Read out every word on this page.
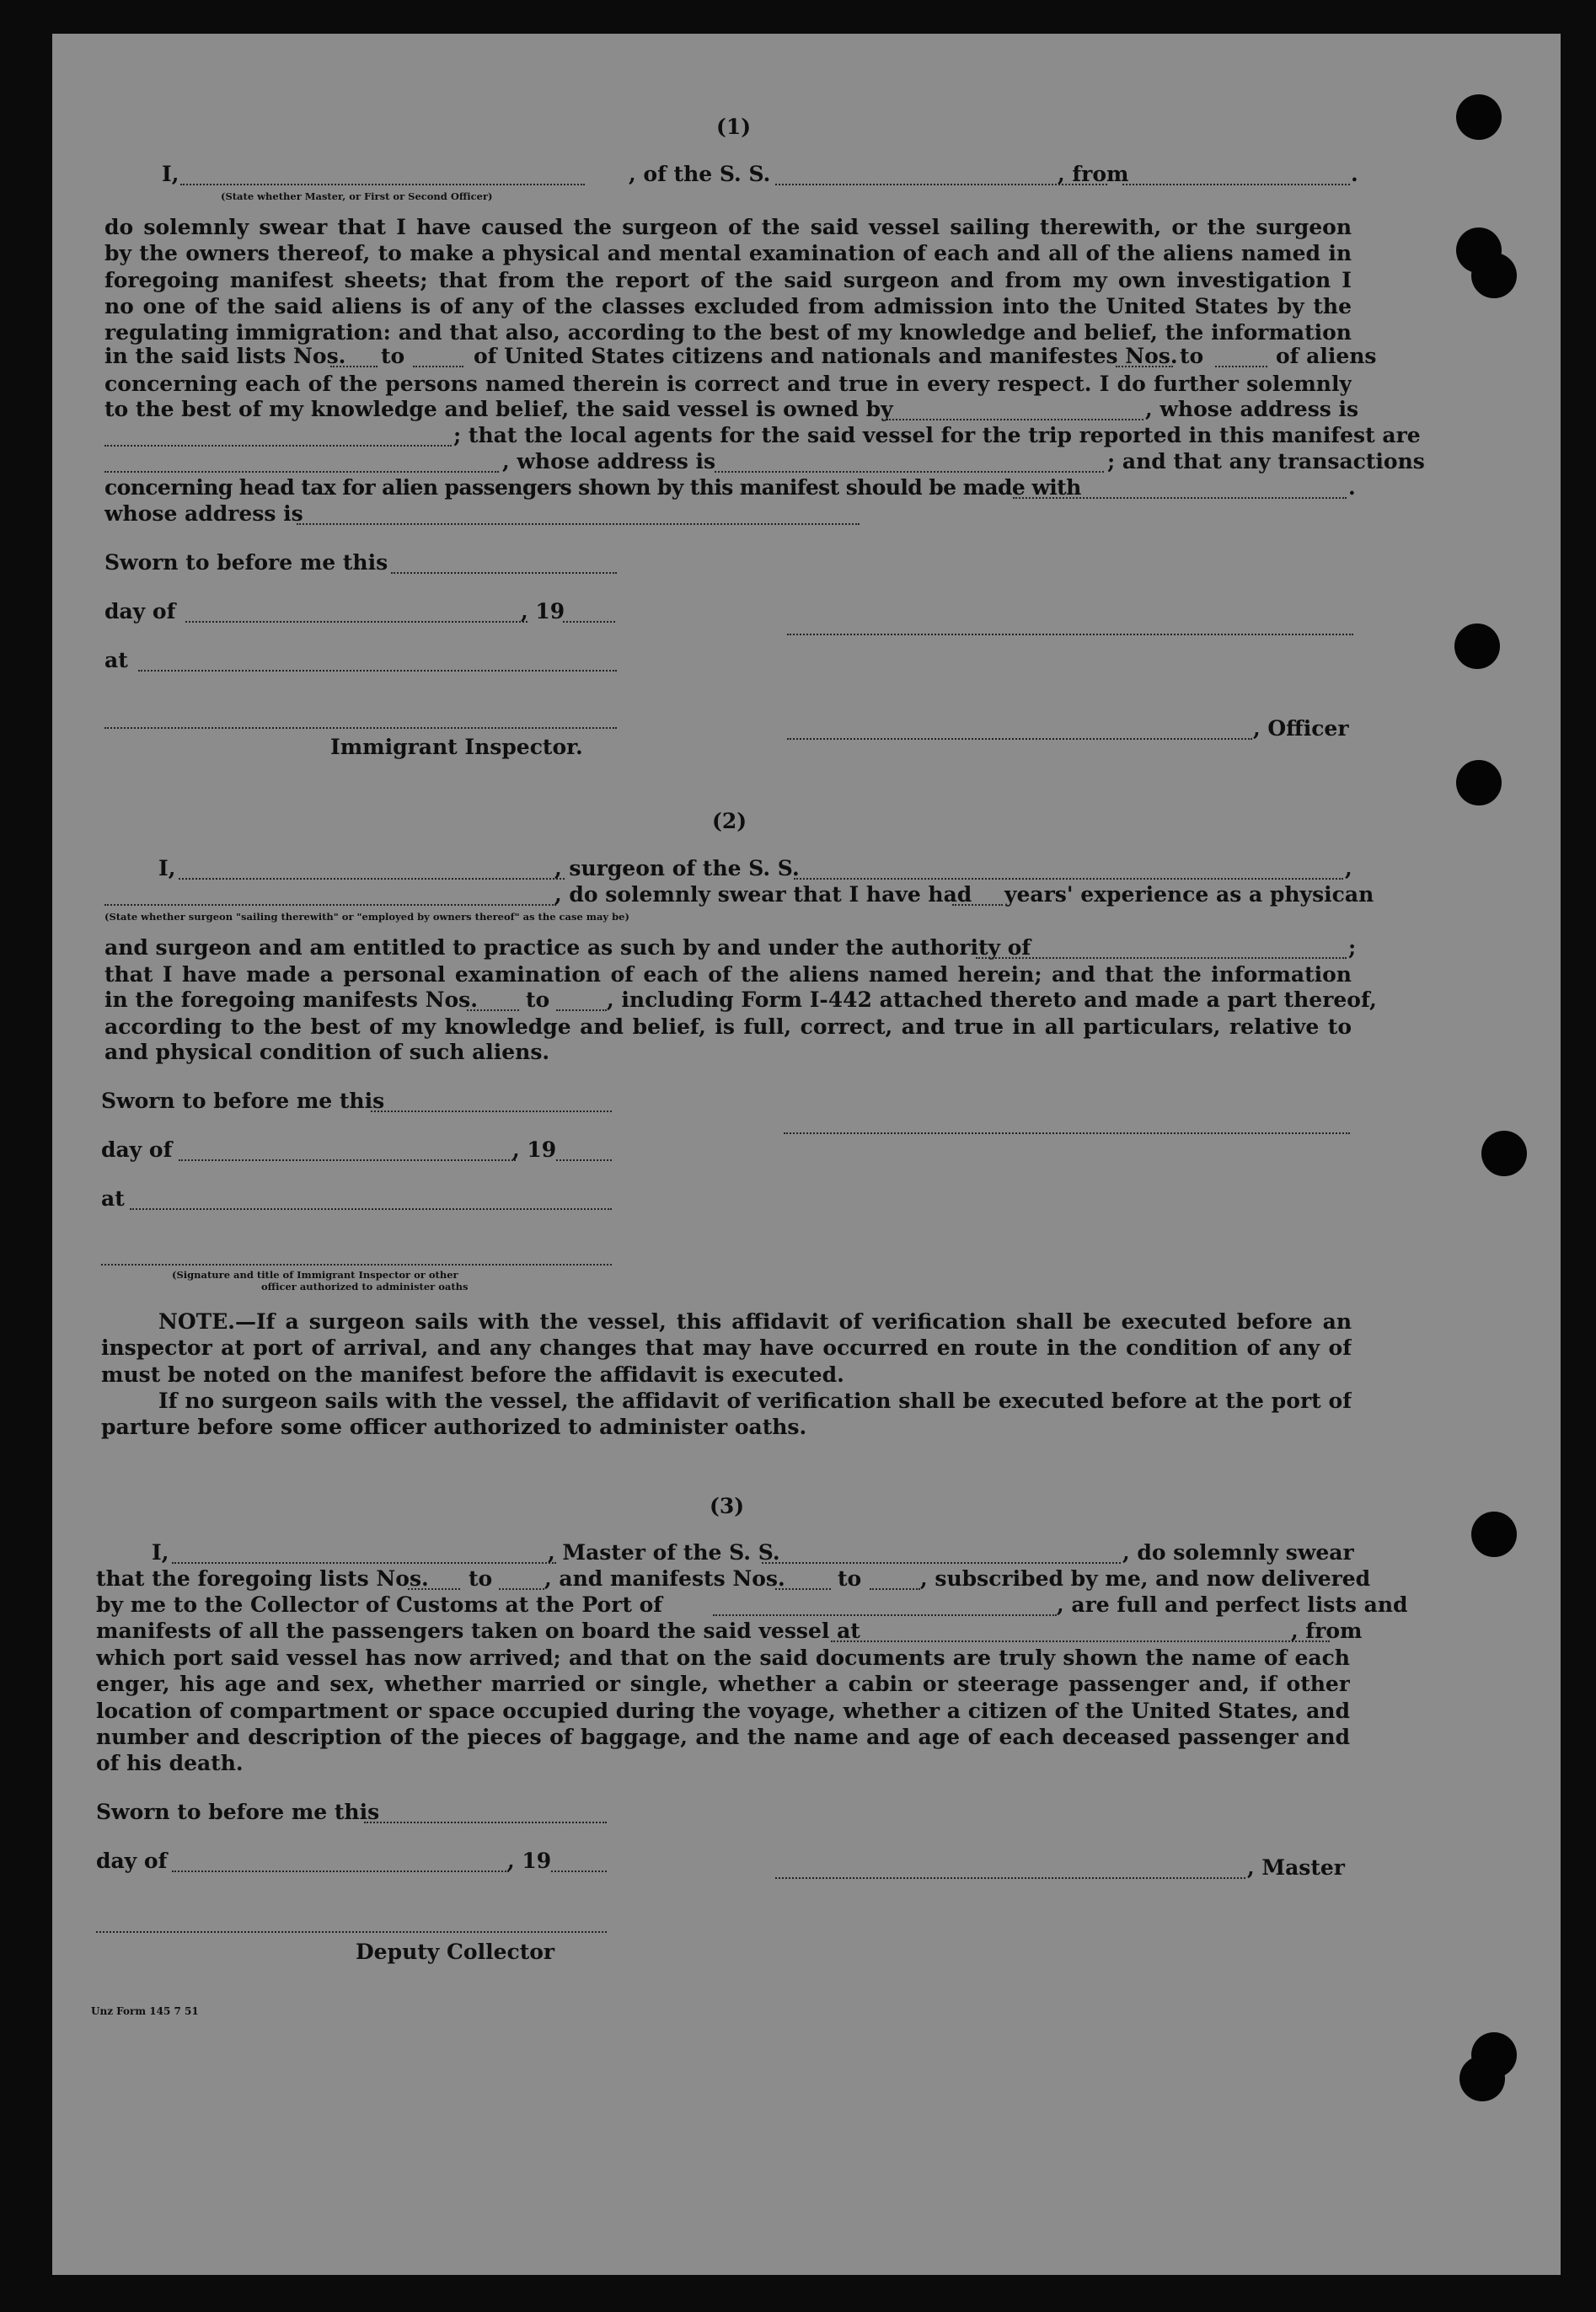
(1)
I,	, of the S. S.	, from	.
(State whether Master, or First or Second Officer)
do solemnly swear that I have caused the surgeon of the said vessel sailing therewith, or the surgeon
by the owners thereof, to make a physical and mental examination of each and all of the aliens named in
foregoing manifest sheets; that from the report of the said surgeon and from my own investigation I
no one of the said aliens is of any of the classes excluded from admission into the United States by the
regulating immigration: and that also, according to the best of my knowledge and belief, the information
in the said lists Nos. to	of United States citizens and nationals and manifestes Nos. to	of aliens
concerning each of the persons named therein is correct and true in every respect. I do further solemnly
to the best of my knowledge and belief, the said vessel is owned by	, whose address is
; that the local agents for the said vessel for the trip reported in this manifest are
, whose address is	; and that any transactions
concerning head tax for alien passengers shown by this manifest should be made with	.
whose address is
Sworn to before me this
day of	, 19
at
, Officer
Immigrant Inspector.
(2)
I,	, surgeon of the S. S.	,
, do solemnly swear that I have had years' experience as a physican
(State whether surgeon "sailing therewith" or "employed by owners thereof" as the case may be)
and surgeon and am entitled to practice as such by and under the authority of	;
that I have made a personal examination of each of the aliens named herein; and that the information
in the foregoing manifests Nos. to	, including Form I-442 attached thereto and made a part thereof,
according to the best of my knowledge and belief, is full, correct, and true in all particulars, relative to
and physical condition of such aliens.
Sworn to before me this
day of	, 19
at
(Signature and title of Immigrant Inspector or other
officer authorized to administer oaths
NOTE.—If a surgeon sails with the vessel, this affidavit of verification shall be executed before an
inspector at port of arrival, and any changes that may have occurred en route in the condition of any of
must be noted on the manifest before the affidavit is executed.
If no surgeon sails with the vessel, the affidavit of verification shall be executed before at the port of
parture before some officer authorized to administer oaths.
(3)
I,	, Master of the S. S.	, do solemnly swear
that the foregoing lists Nos. to , and manifests Nos. to	, subscribed by me, and now delivered
by me to the Collector of Customs at the Port of	, are full and perfect lists and
manifests of all the passengers taken on board the said vessel at	, from
which port said vessel has now arrived; and that on the said documents are truly shown the name of each
enger, his age and sex, whether married or single, whether a cabin or steerage passenger and, if other
location of compartment or space occupied during the voyage, whether a citizen of the United States, and
number and description of the pieces of baggage, and the name and age of each deceased passenger and
of his death.
Sworn to before me this
day of	, 19	, Master
Deputy Collector
Unz Form 145 7 51
